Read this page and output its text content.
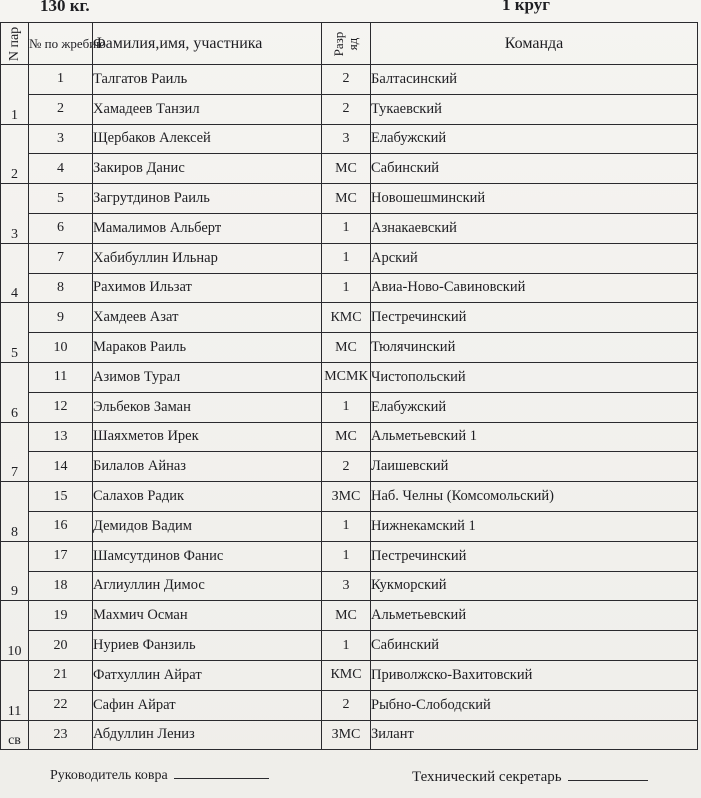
130 кг.	1 круг
N пар	№ по жребию	Фамилия,имя, участника	Разр яд	Команда
1	1	Талгатов Раиль	2	Балтасинский
	2	Хамадеев Танзил	2	Тукаевский
2	3	Щербаков Алексей	3	Елабужский
	4	Закиров Данис	МС	Сабинский
3	5	Загрутдинов Раиль	МС	Новошешминский
	6	Мамалимов Альберт	1	Азнакаевский
4	7	Хабибуллин Ильнар	1	Арский
	8	Рахимов Ильзат	1	Авиа-Ново-Савиновский
5	9	Хамдеев Азат	КМС	Пестречинский
	10	Мараков Раиль	МС	Тюлячинский
6	11	Азимов Турал	МСМК	Чистопольский
	12	Эльбеков Заман	1	Елабужский
7	13	Шаяхметов Ирек	МС	Альметьевский 1
	14	Билалов Айназ	2	Лаишевский
8	15	Салахов Радик	ЗМС	Наб. Челны (Комсомольский)
	16	Демидов Вадим	1	Нижнекамский 1
9	17	Шамсутдинов Фанис	1	Пестречинский
	18	Аглиуллин Димос	3	Кукморский
10	19	Махмич Осман	МС	Альметьевский
	20	Нуриев Фанзиль	1	Сабинский
11	21	Фатхуллин Айрат	КМС	Приволжско-Вахитовский
	22	Сафин Айрат	2	Рыбно-Слободский
св	23	Абдуллин Лениз	ЗМС	Зилант
Руководитель ковра	Технический секретарь
